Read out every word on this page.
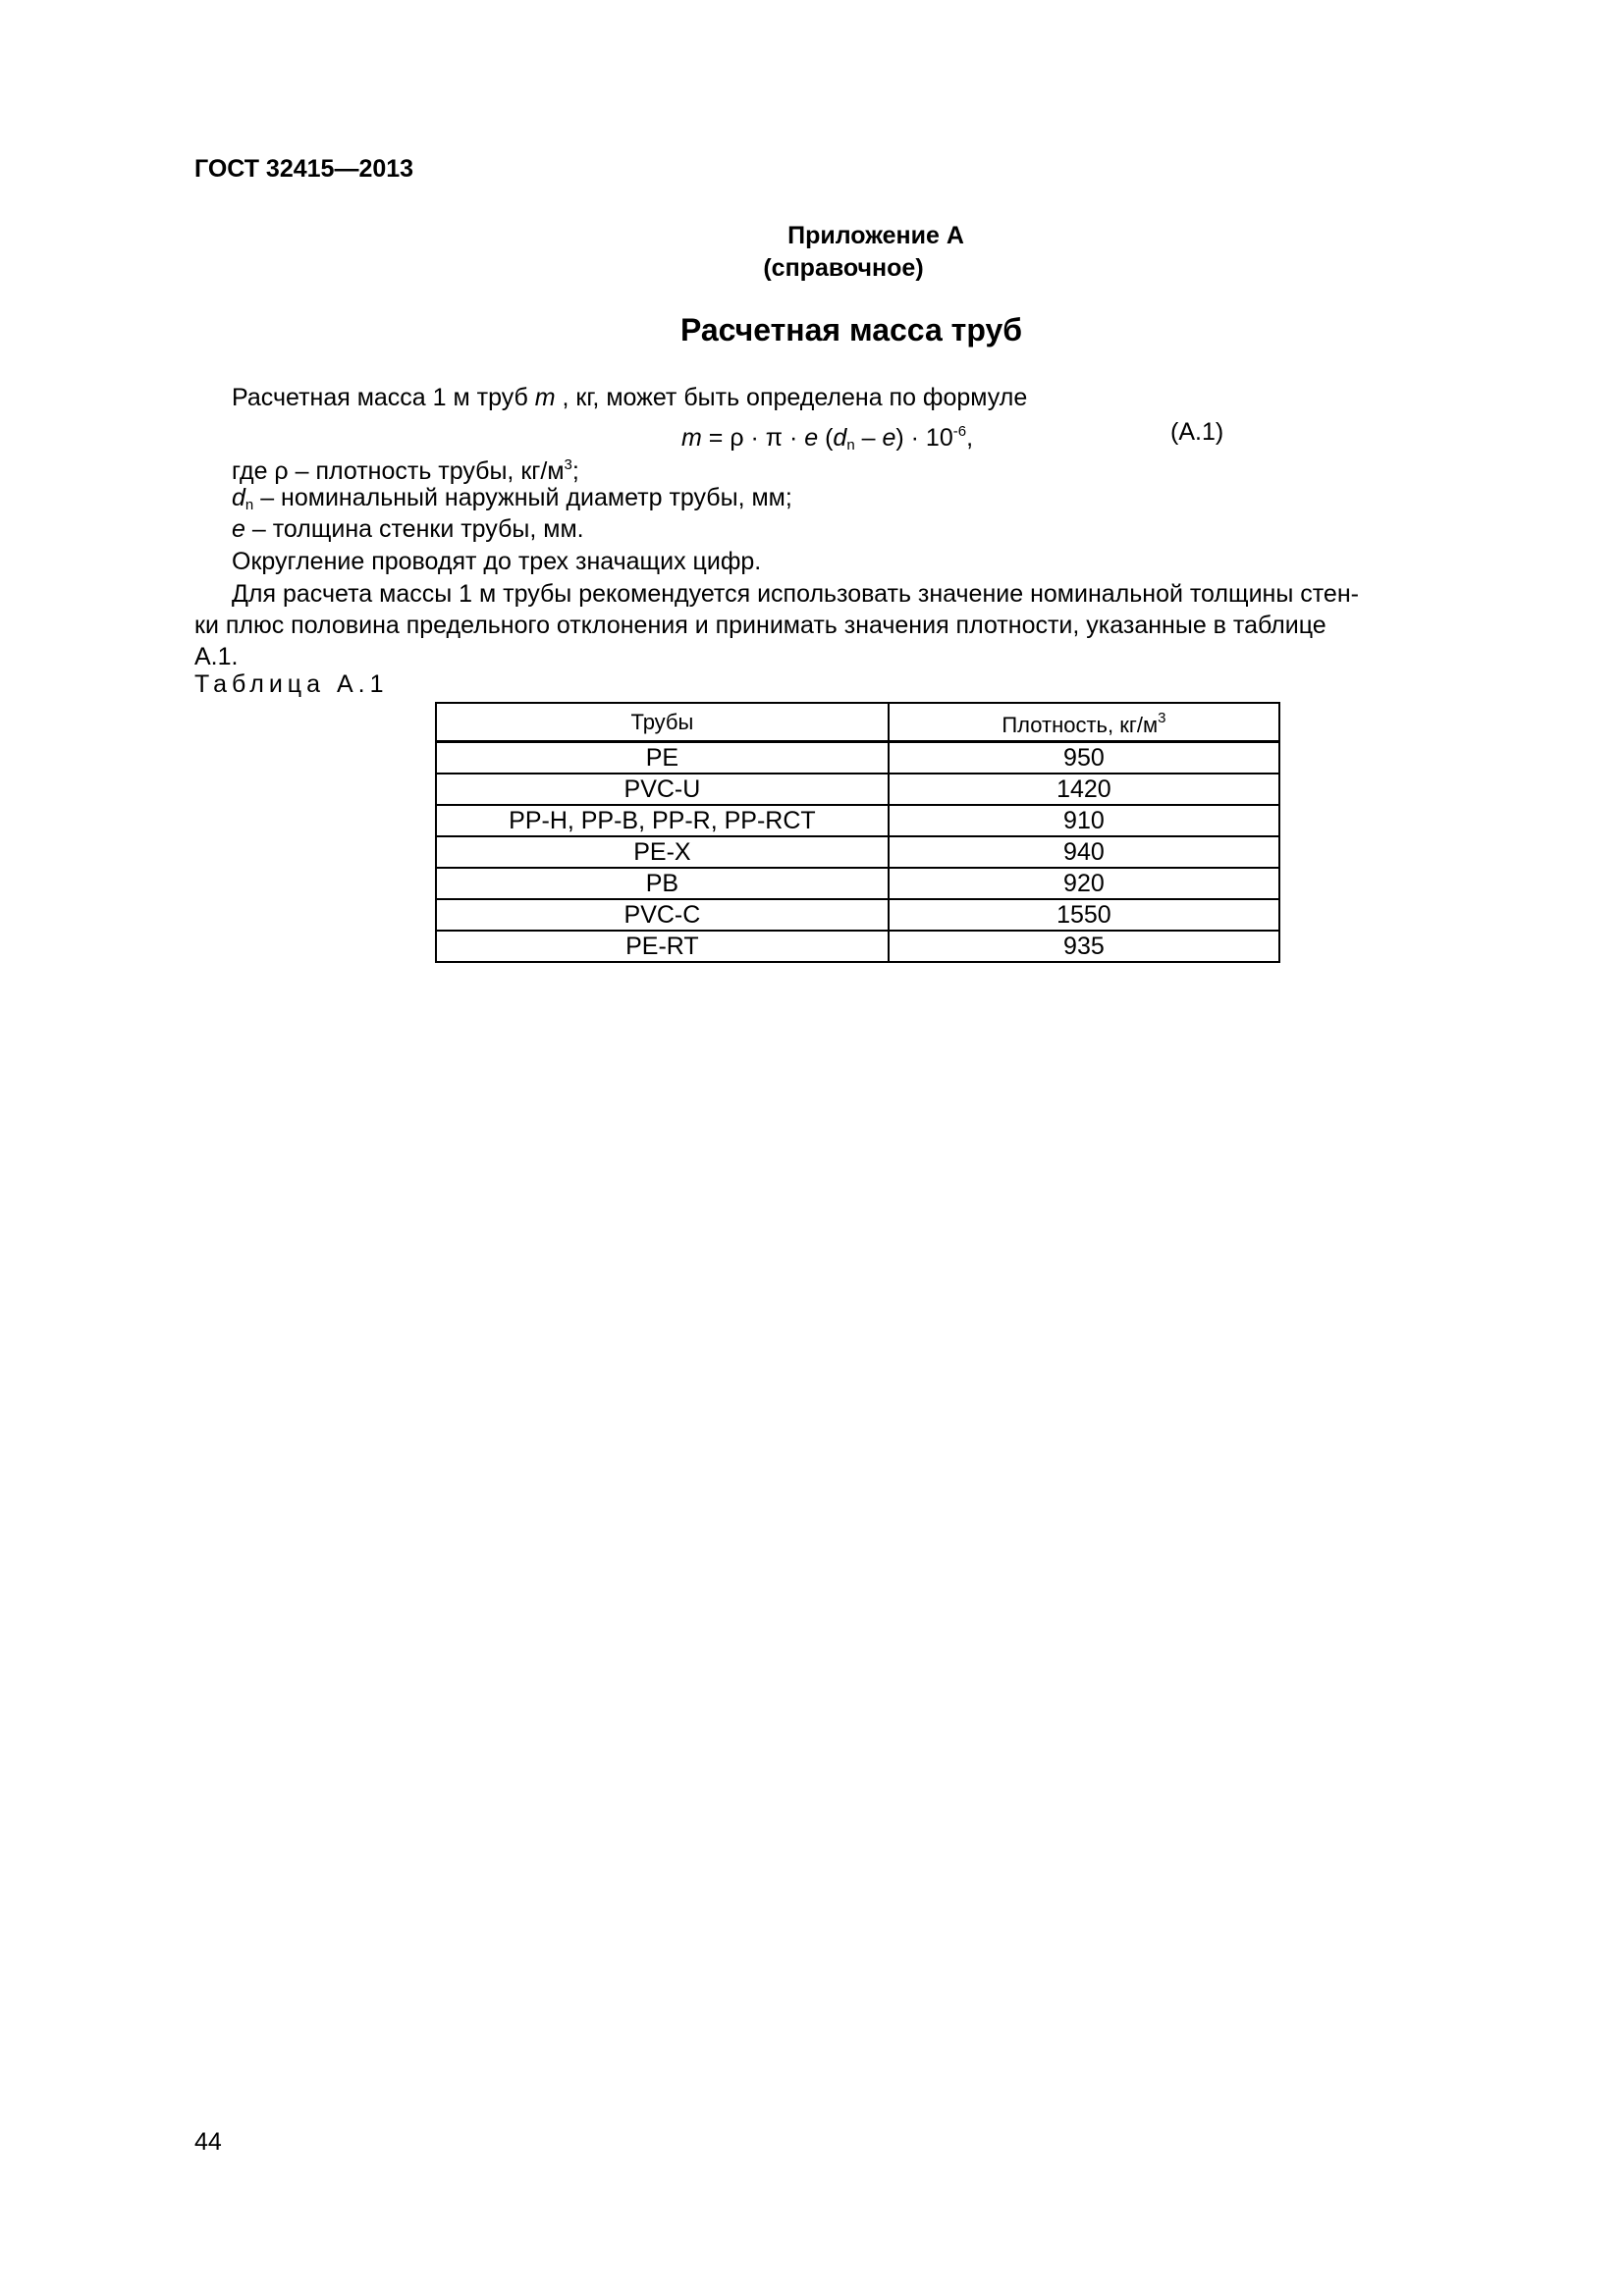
ГОСТ 32415—2013
Приложение А
(справочное)
Расчетная масса труб
Расчетная масса 1 м труб m , кг, может быть определена по формуле
m = ρ · π · e $(d_n - e) \cdot 10^{-6}$,	(А.1)
где ρ – плотность трубы, $кг/м^3$;
$d_n$ – номинальный наружный диаметр трубы, мм;
e – толщина стенки трубы, мм.
Округление проводят до трех значащих цифр.
Для расчета массы 1 м трубы рекомендуется использовать значение номинальной толщины стен-
ки плюс половина предельного отклонения и принимать значения плотности, указанные в таблице
А.1.
Таблица А.1
Трубы	Плотность, $кг/м^3$
PE	950
PVC-U	1420
PP-H, PP-B, PP-R, PP-RCT	910
PE-X	940
PB	920
PVC-C	1550
PE-RT	935
44
